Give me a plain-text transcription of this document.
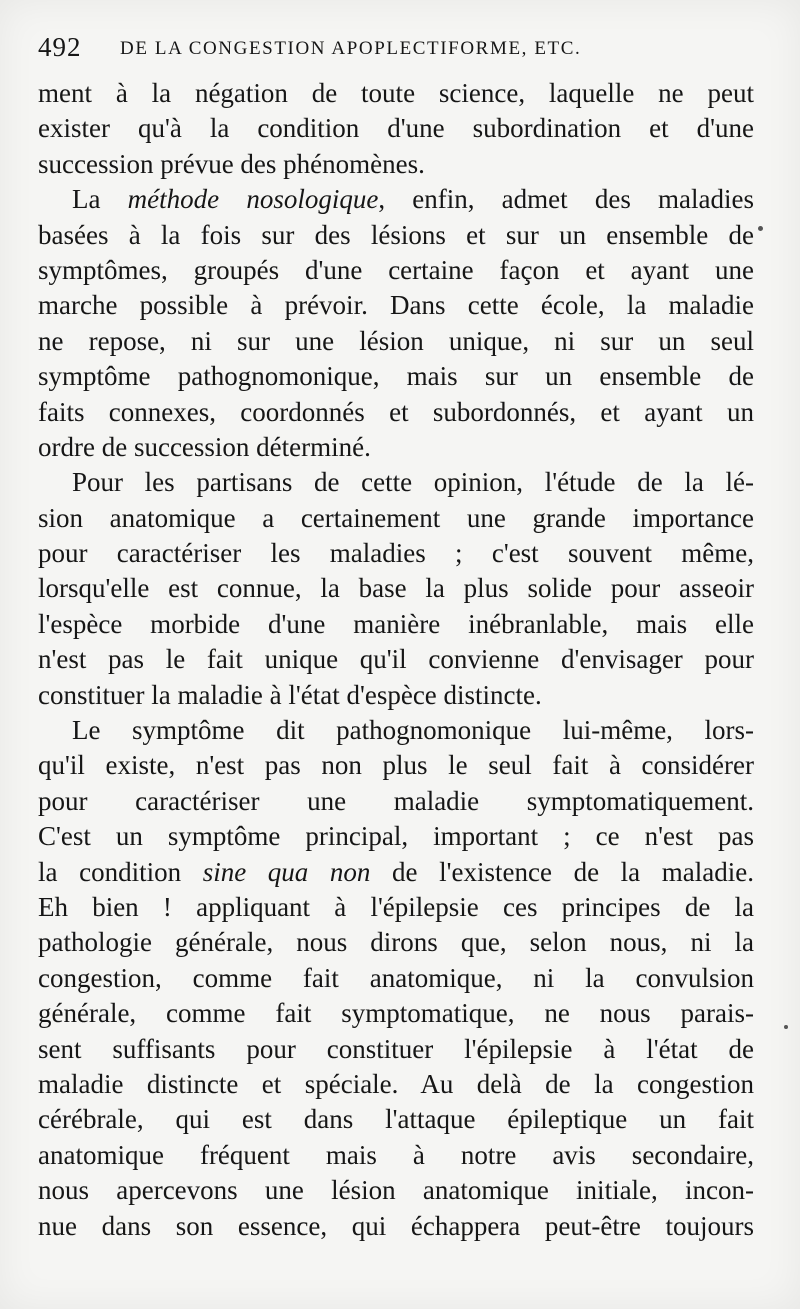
492 DE LA CONGESTION APOPLECTIFORME, ETC.
ment à la négation de toute science, laquelle ne peut
exister qu'à la condition d'une subordination et d'une
succession prévue des phénomènes.
La méthode nosologique, enfin, admet des maladies
basées à la fois sur des lésions et sur un ensemble de
symptômes, groupés d'une certaine façon et ayant une
marche possible à prévoir. Dans cette école, la maladie
ne repose, ni sur une lésion unique, ni sur un seul
symptôme pathognomonique, mais sur un ensemble de
faits connexes, coordonnés et subordonnés, et ayant un
ordre de succession déterminé.
Pour les partisans de cette opinion, l'étude de la lé-
sion anatomique a certainement une grande importance
pour caractériser les maladies ; c'est souvent même,
lorsqu'elle est connue, la base la plus solide pour asseoir
l'espèce morbide d'une manière inébranlable, mais elle
n'est pas le fait unique qu'il convienne d'envisager pour
constituer la maladie à l'état d'espèce distincte.
Le symptôme dit pathognomonique lui-même, lors-
qu'il existe, n'est pas non plus le seul fait à considérer
pour caractériser une maladie symptomatiquement.
C'est un symptôme principal, important ; ce n'est pas
la condition sine qua non de l'existence de la maladie.
Eh bien ! appliquant à l'épilepsie ces principes de la
pathologie générale, nous dirons que, selon nous, ni la
congestion, comme fait anatomique, ni la convulsion
générale, comme fait symptomatique, ne nous parais-
sent suffisants pour constituer l'épilepsie à l'état de
maladie distincte et spéciale. Au delà de la congestion
cérébrale, qui est dans l'attaque épileptique un fait
anatomique fréquent mais à notre avis secondaire,
nous apercevons une lésion anatomique initiale, incon-
nue dans son essence, qui échappera peut-être toujours
